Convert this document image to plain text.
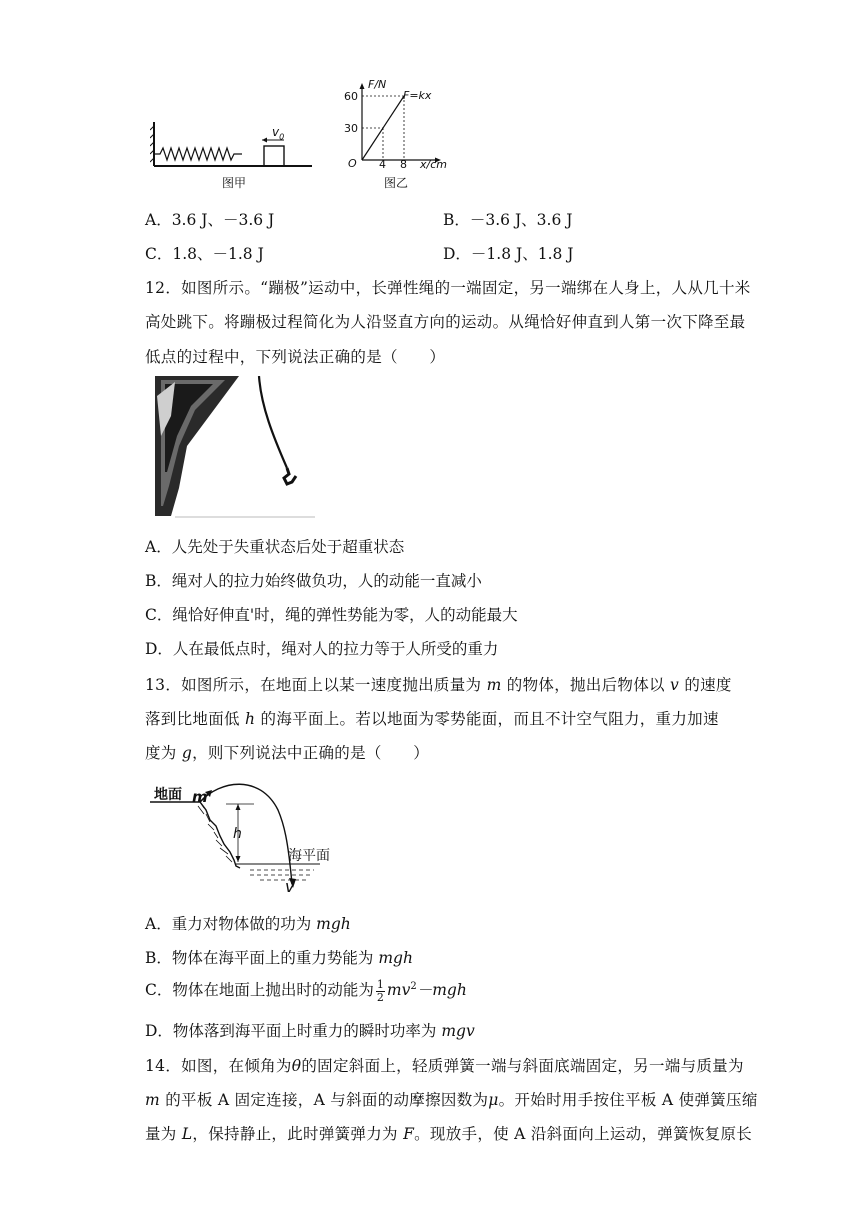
$v_0$
图甲
F/N
60
30
F=kx
O 4 8 x/cm
图乙
A．3.6 J、－3.6 J	B．－3.6 J、3.6 J
C．1.8、－1.8 J	D．－1.8 J、1.8 J
12．如图所示。“蹦极”运动中，长弹性绳的一端固定，另一端绑在人身上，人从几十米
高处跳下。将蹦极过程简化为人沿竖直方向的运动。从绳恰好伸直到人第一次下降至最
低点的过程中，下列说法正确的是（　　）
A．人先处于失重状态后处于超重状态
B．绳对人的拉力始终做负功，人的动能一直减小
C．绳恰好伸直'时，绳的弹性势能为零，人的动能最大
D．人在最低点时，绳对人的拉力等于人所受的重力
13．如图所示，在地面上以某一速度抛出质量为 m 的物体，抛出后物体以 v 的速度
落到比地面低 h 的海平面上。若以地面为零势能面，而且不计空气阻力，重力加速
度为 g，则下列说法中正确的是（　　）
地面 m
h
海平面
v
A．重力对物体做的功为 mgh
B．物体在海平面上的重力势能为 mgh
C．物体在地面上抛出时的动能为 $\frac{1}{2} mv^2-mgh$
D．物体落到海平面上时重力的瞬时功率为 mgv
14．如图，在倾角为θ的固定斜面上，轻质弹簧一端与斜面底端固定，另一端与质量为
m 的平板 A 固定连接，A 与斜面的动摩擦因数为μ。开始时用手按住平板 A 使弹簧压缩
量为 L，保持静止，此时弹簧弹力为 F。现放手，使 A 沿斜面向上运动，弹簧恢复原长
